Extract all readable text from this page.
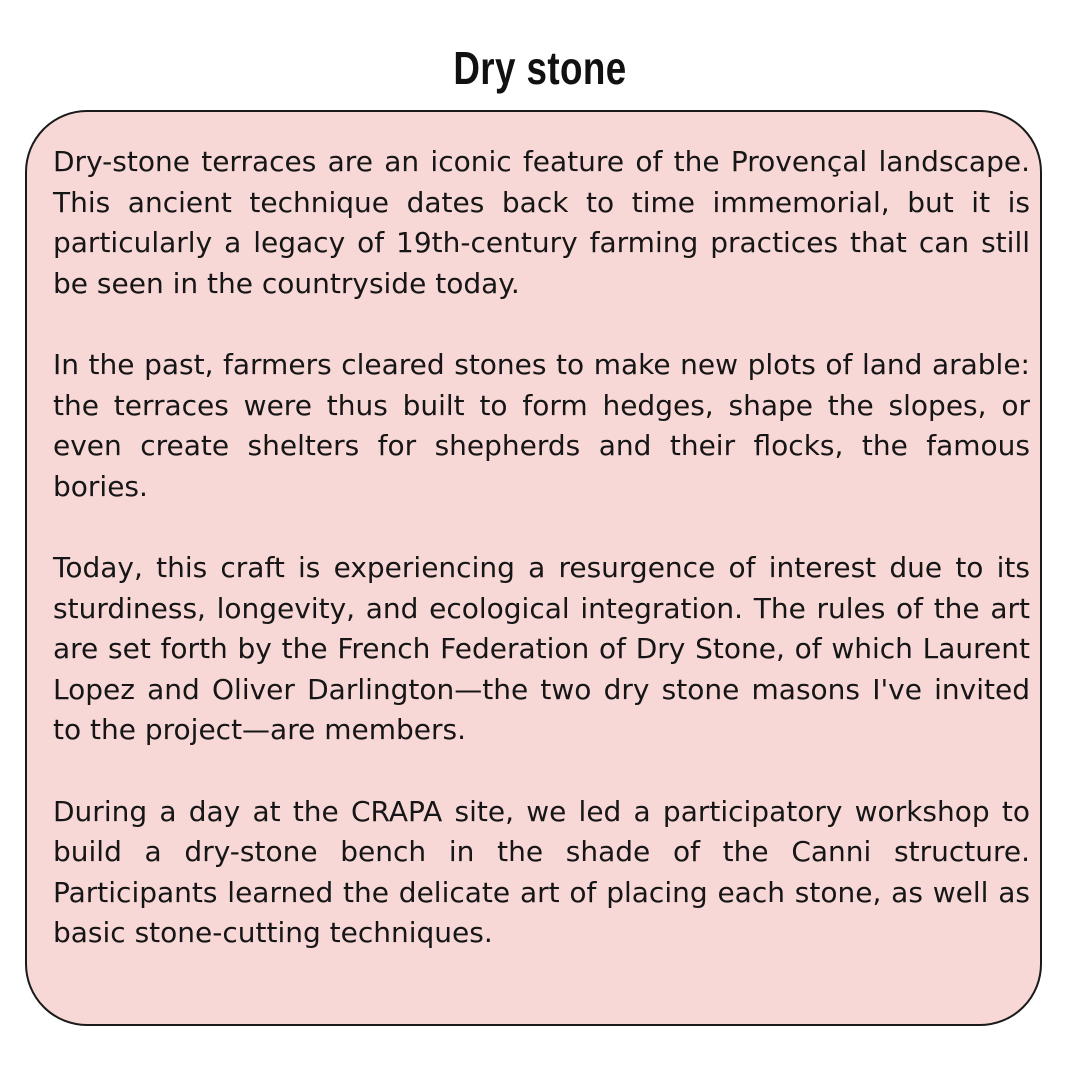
Dry stone

Dry-stone terraces are an iconic feature of the Provençal landscape. This ancient technique dates back to time immemorial, but it is particularly a legacy of 19th-century farming practices that can still be seen in the countryside today.

In the past, farmers cleared stones to make new plots of land arable: the terraces were thus built to form hedges, shape the slopes, or even create shelters for shepherds and their flocks, the famous bories.

Today, this craft is experiencing a resurgence of interest due to its sturdiness, longevity, and ecological integration. The rules of the art are set forth by the French Federation of Dry Stone, of which Laurent Lopez and Oliver Darlington—the two dry stone masons I've invited to the project—are members.

During a day at the CRAPA site, we led a participatory workshop to build a dry-stone bench in the shade of the Canni structure. Participants learned the delicate art of placing each stone, as well as basic stone-cutting techniques.
